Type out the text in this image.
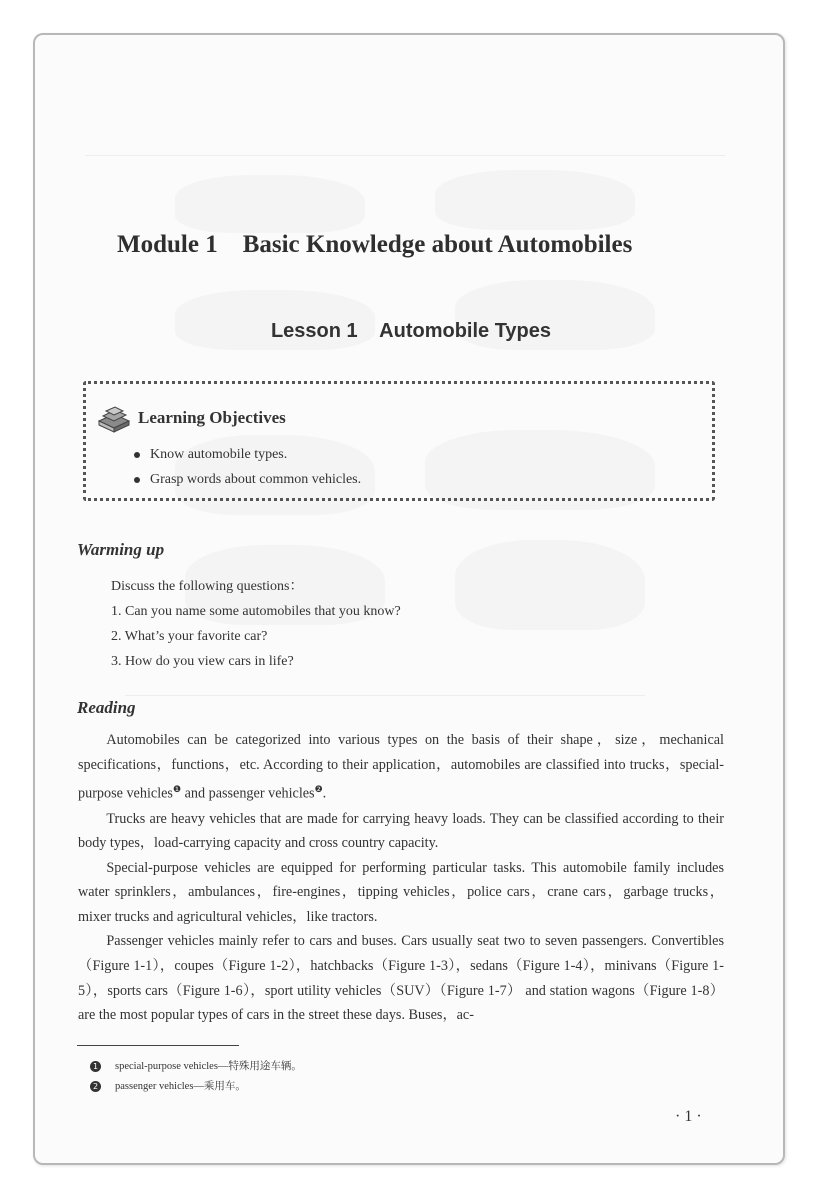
Module 1    Basic Knowledge about Automobiles
Lesson 1    Automobile Types
Learning Objectives
Know automobile types.
Grasp words about common vehicles.
Warming up
Discuss the following questions：
1. Can you name some automobiles that you know?
2. What’s your favorite car?
3. How do you view cars in life?
Reading

Automobiles can be categorized into various types on the basis of their shape，size，mechanical specifications，functions，etc. According to their application，automobiles are classified into trucks，special-purpose vehicles$^❶$ and passenger vehicles$^❷$.

Trucks are heavy vehicles that are made for carrying heavy loads. They can be classified according to their body types，load-carrying capacity and cross country capacity.

Special-purpose vehicles are equipped for performing particular tasks. This automobile family includes water sprinklers，ambulances，fire-engines，tipping vehicles，police cars，crane cars，garbage trucks，mixer trucks and agricultural vehicles，like tractors.

Passenger vehicles mainly refer to cars and buses. Cars usually seat two to seven passengers. Convertibles（Figure 1-1），coupes（Figure 1-2），hatchbacks（Figure 1-3），sedans（Figure 1-4），minivans（Figure 1-5），sports cars（Figure 1-6），sport utility vehicles（SUV）（Figure 1-7） and station wagons（Figure 1-8） are the most popular types of cars in the street these days. Buses，ac-

1 special-purpose vehicles—特殊用途车辆。
2 passenger vehicles—乘用车。

· 1 ·
